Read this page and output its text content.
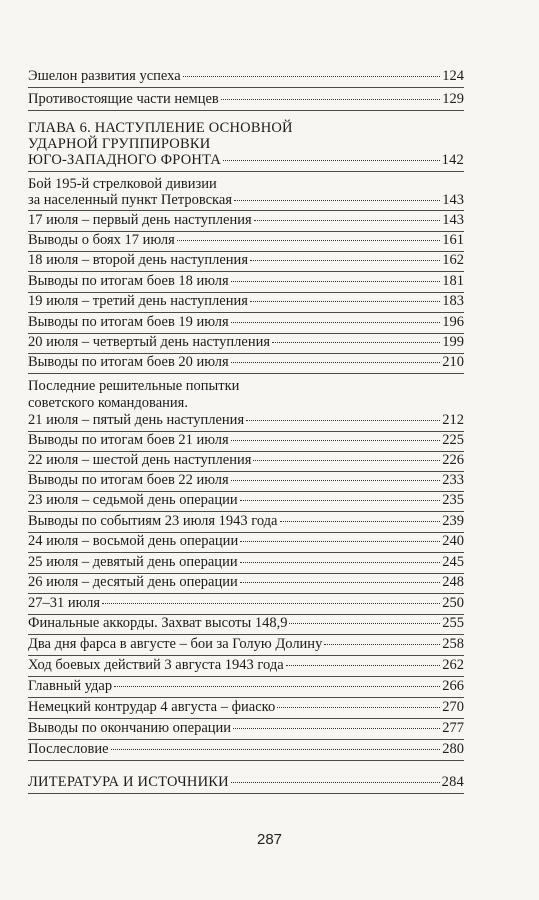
Эшелон развития успеха	124
Противостоящие части немцев	129
ГЛАВА 6. НАСТУПЛЕНИЕ ОСНОВНОЙ
УДАРНОЙ ГРУППИРОВКИ
ЮГО-ЗАПАДНОГО ФРОНТА	142
Бой 195-й стрелковой дивизии
за населенный пункт Петровская	143
17 июля – первый день наступления	143
Выводы о боях 17 июля	161
18 июля – второй день наступления	162
Выводы по итогам боев 18 июля	181
19 июля – третий день наступления	183
Выводы по итогам боев 19 июля	196
20 июля – четвертый день наступления	199
Выводы по итогам боев 20 июля	210
Последние решительные попытки
советского командования.
21 июля – пятый день наступления	212
Выводы по итогам боев 21 июля	225
22 июля – шестой день наступления	226
Выводы по итогам боев 22 июля	233
23 июля – седьмой день операции	235
Выводы по событиям 23 июля 1943 года	239
24 июля – восьмой день операции	240
25 июля – девятый день операции	245
26 июля – десятый день операции	248
27–31 июля	250
Финальные аккорды. Захват высоты 148,9	255
Два дня фарса в августе – бои за Голую Долину	258
Ход боевых действий 3 августа 1943 года	262
Главный удар	266
Немецкий контрудар 4 августа – фиаско	270
Выводы по окончанию операции	277
Послесловие	280
ЛИТЕРАТУРА И ИСТОЧНИКИ	284
287
